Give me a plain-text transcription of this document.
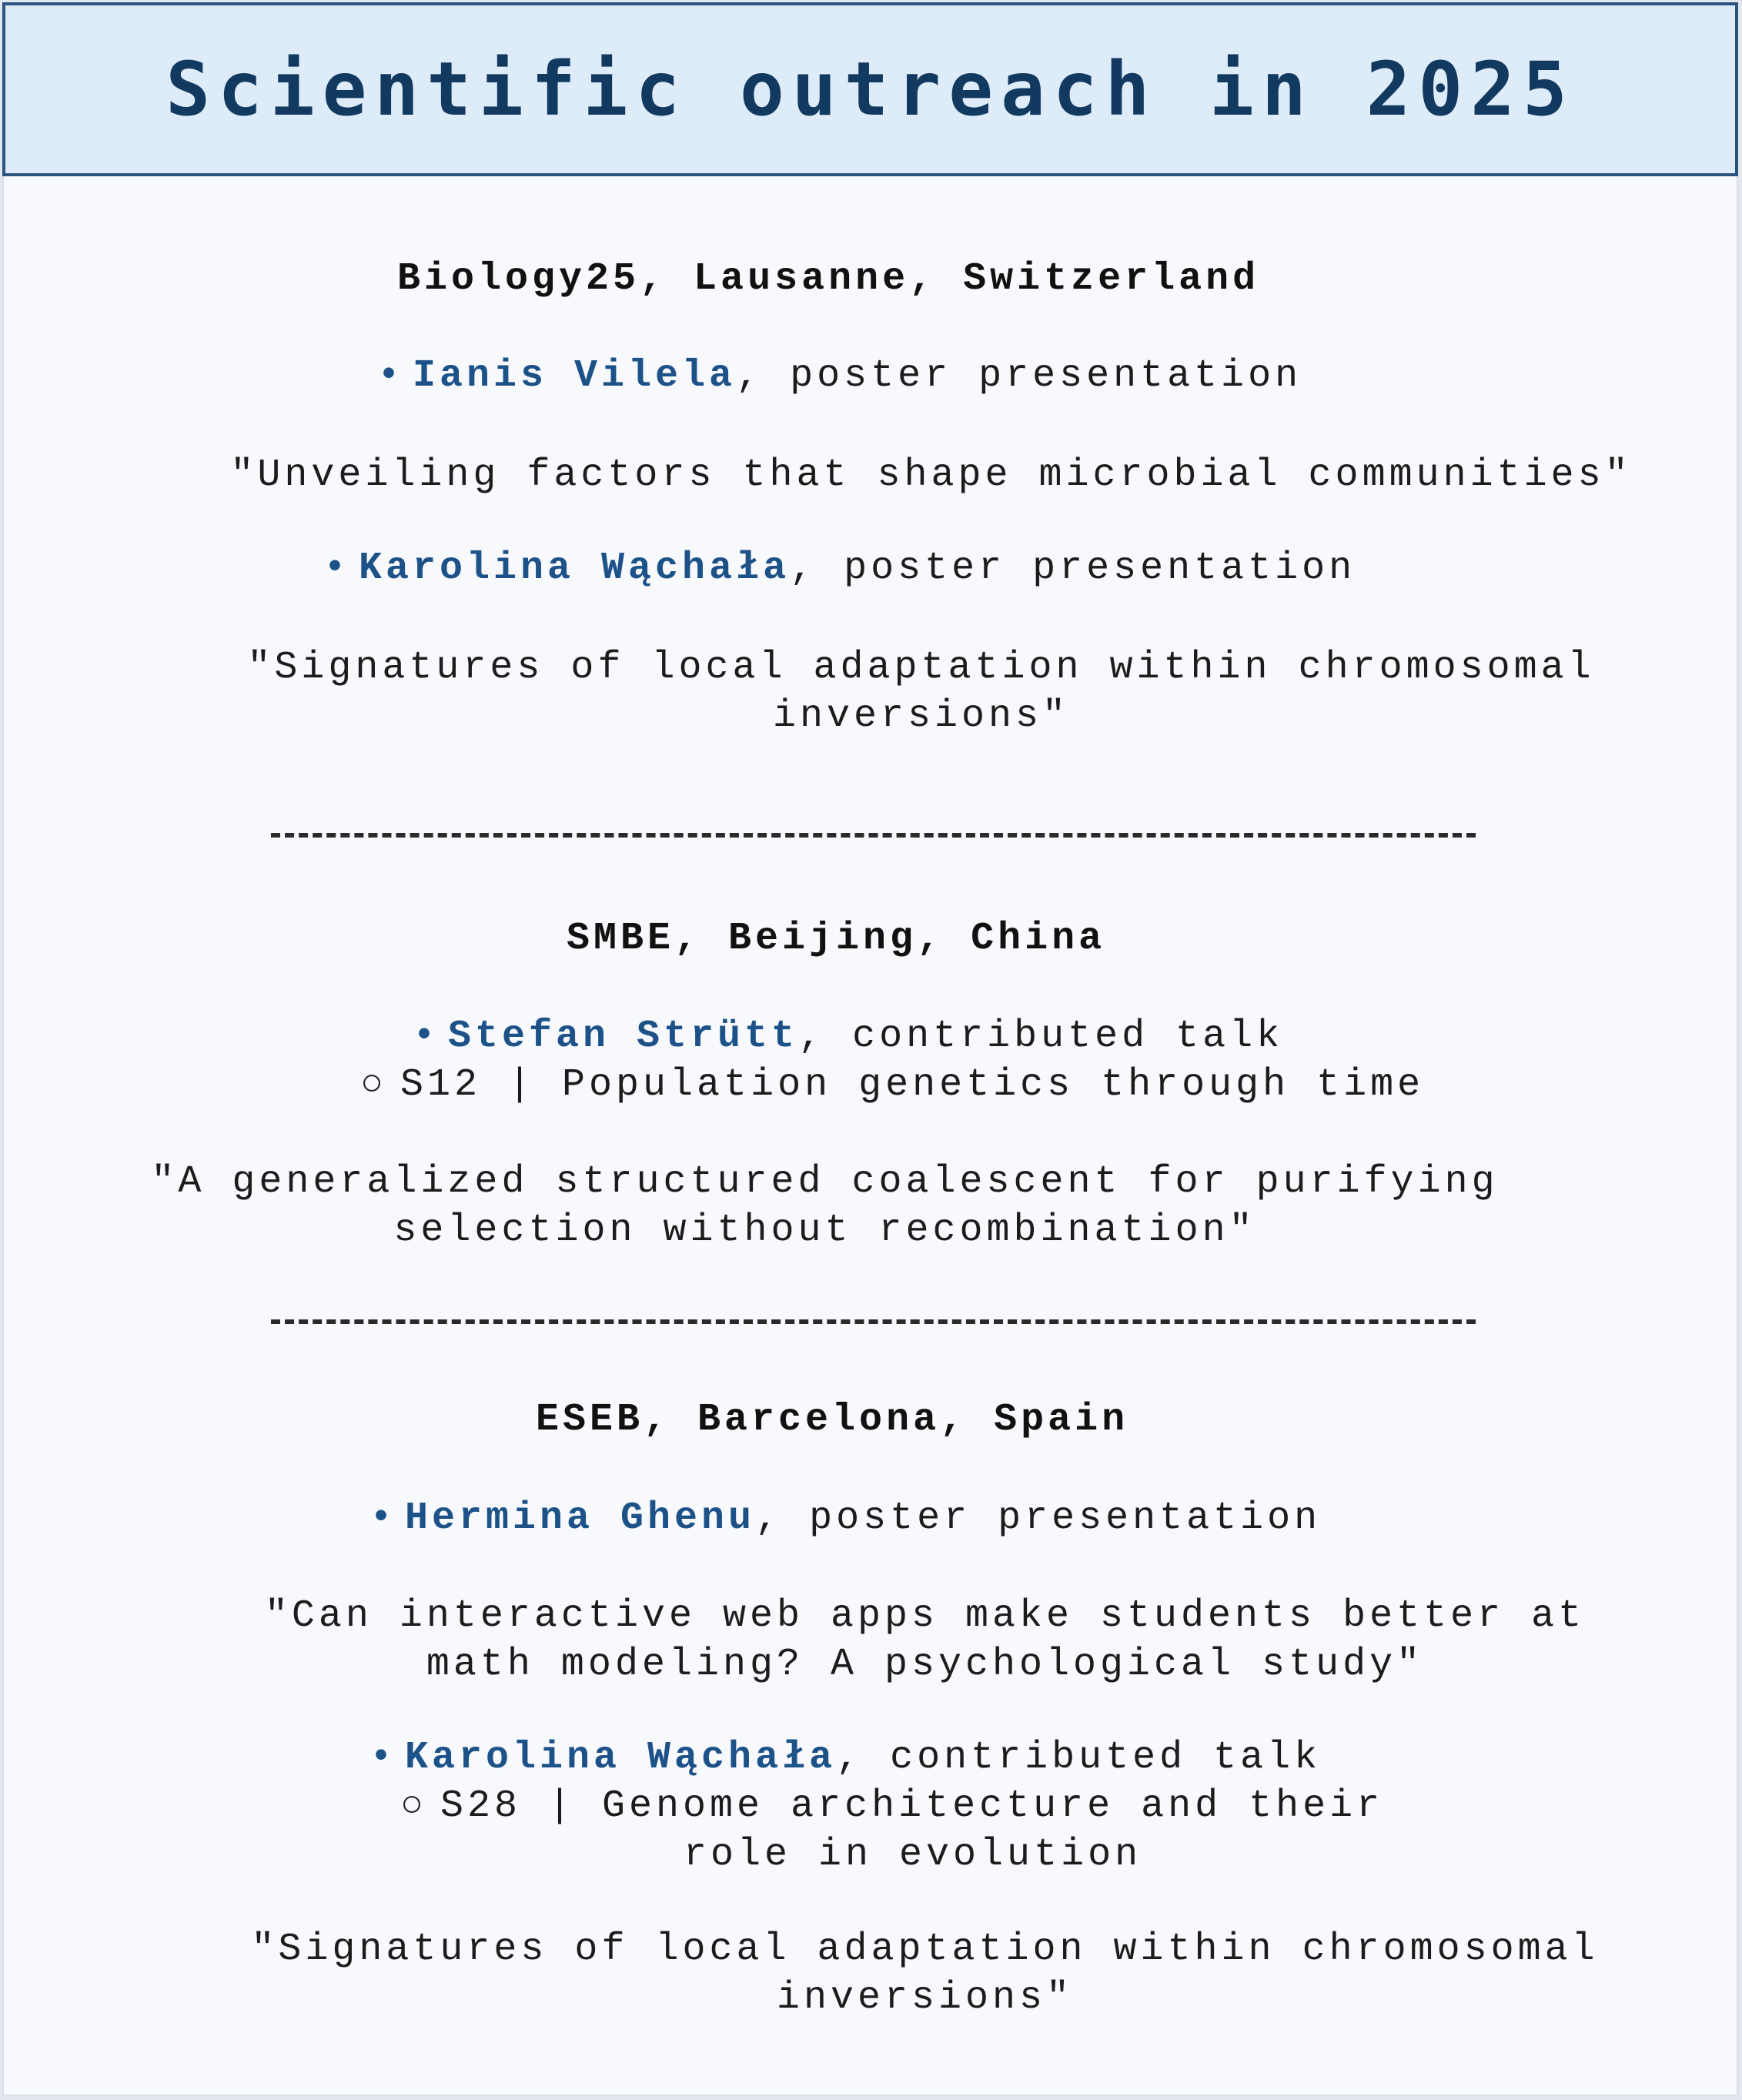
Scientific outreach in 2025
Biology25, Lausanne, Switzerland
• Ianis Vilela, poster presentation
"Unveiling factors that shape microbial communities"
• Karolina Wąchała, poster presentation
"Signatures of local adaptation within chromosomal
inversions"
SMBE, Beijing, China
• Stefan Strütt, contributed talk
○ S12 | Population genetics through time
"A generalized structured coalescent for purifying
selection without recombination"
ESEB, Barcelona, Spain
• Hermina Ghenu, poster presentation
"Can interactive web apps make students better at
math modeling? A psychological study"
• Karolina Wąchała, contributed talk
○ S28 | Genome architecture and their
role in evolution
"Signatures of local adaptation within chromosomal
inversions"
